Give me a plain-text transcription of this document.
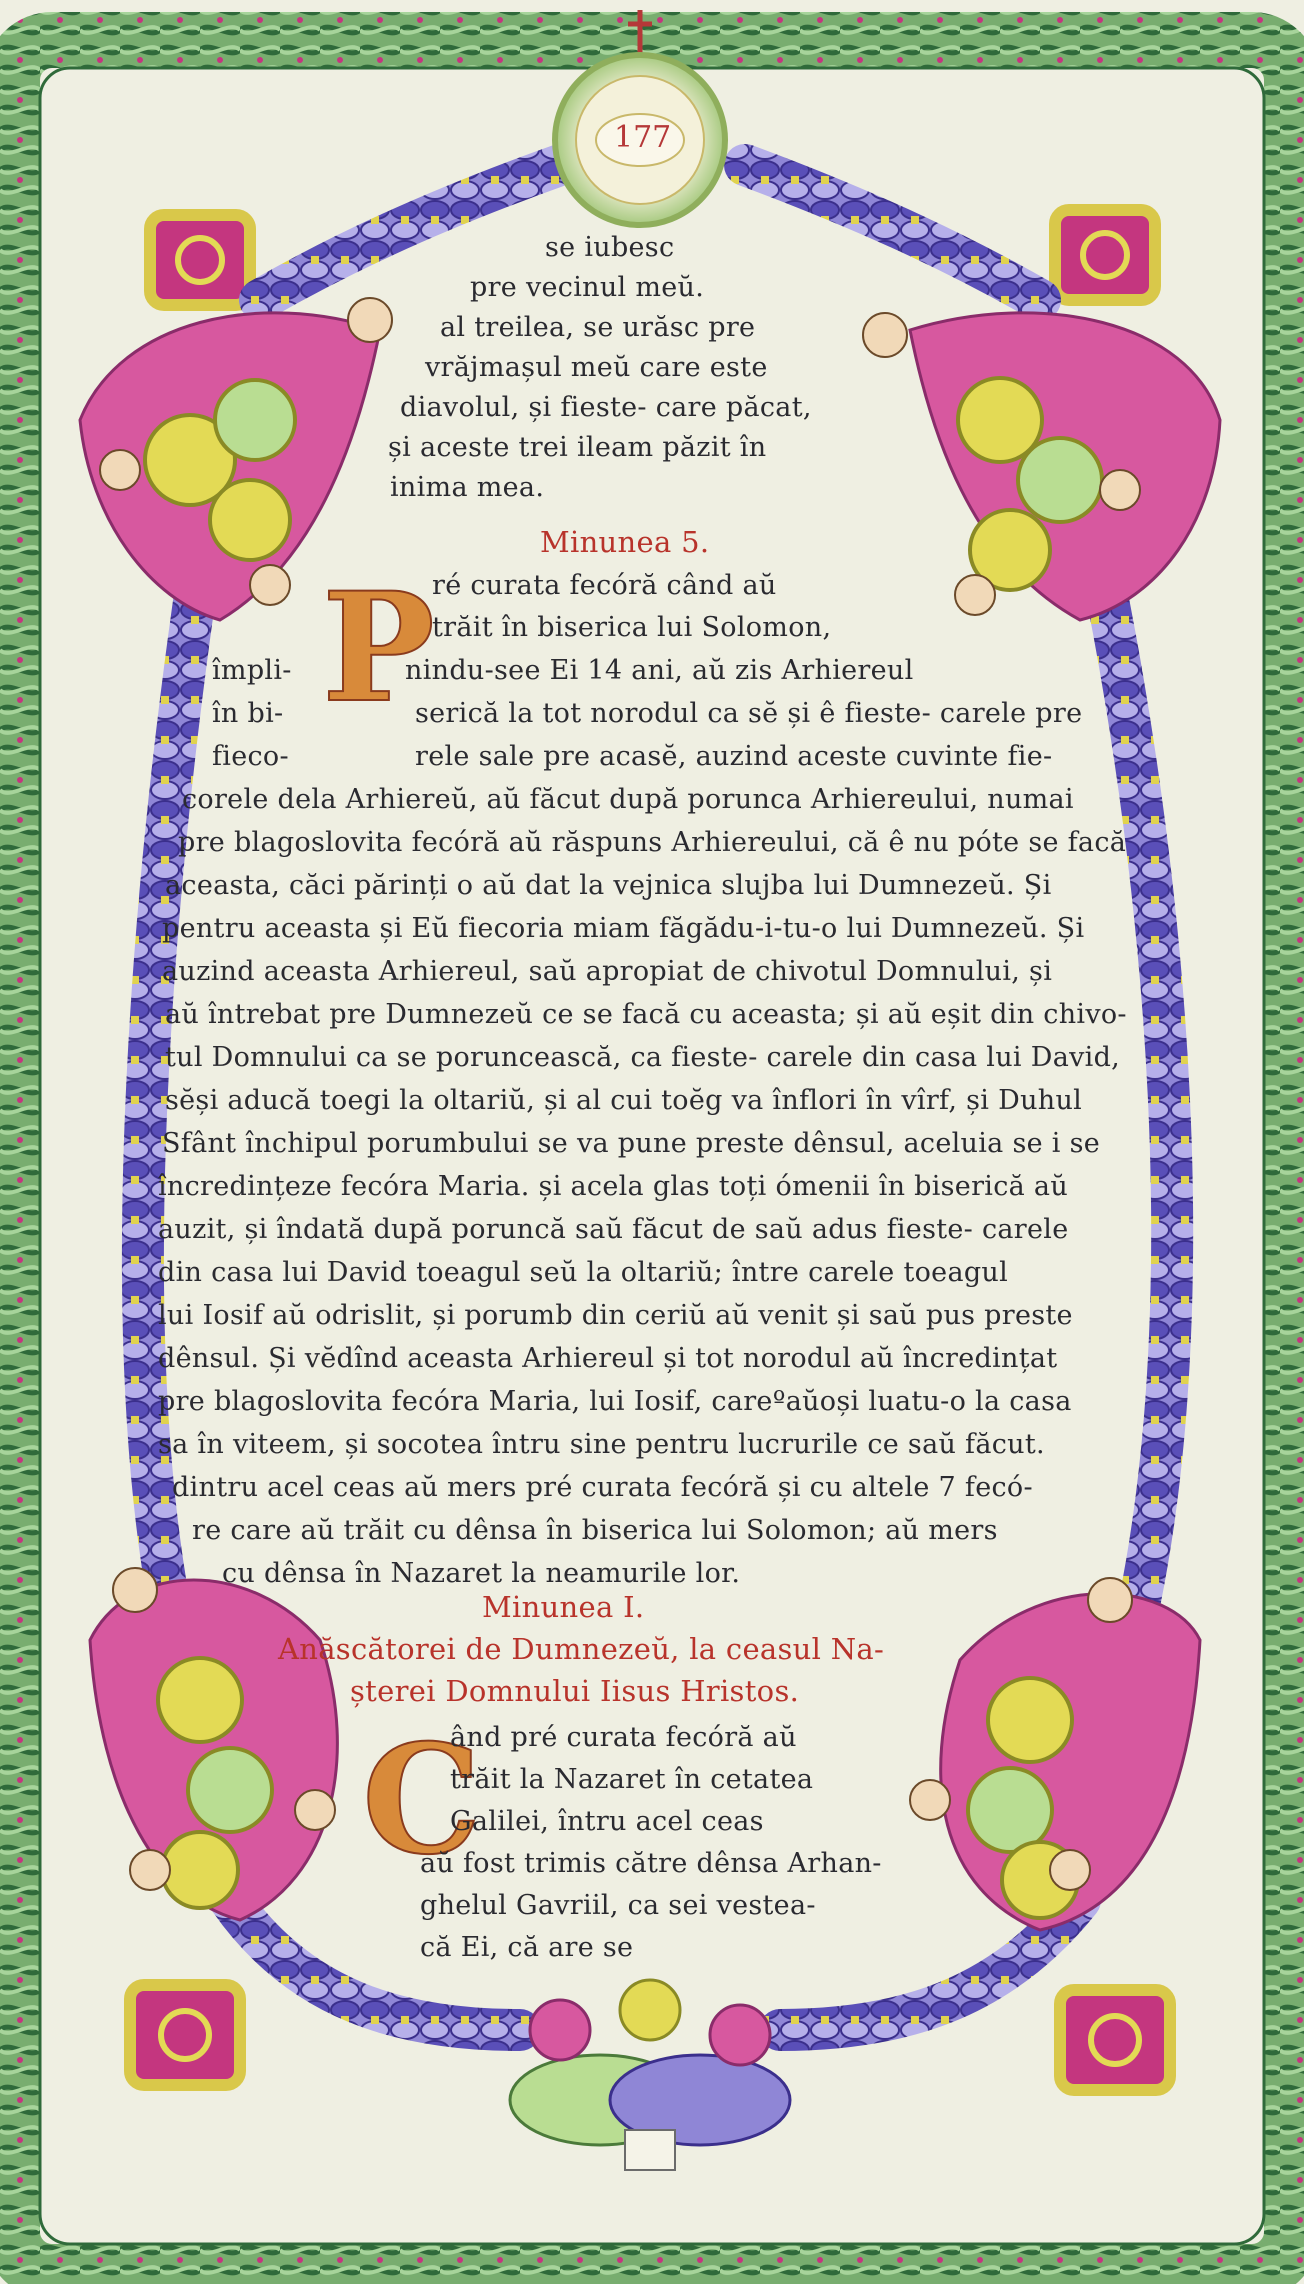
177
se iubesc
pre vecinul meŭ.
al treilea, se urăsc pre
vrăjmașul meŭ care este
diavolul, și fieste- care păcat,
și aceste trei ileam păzit în
inima mea.
Minunea 5.
P
ré curata fecóră când aŭ
trăit în biserica lui Solomon,
împli-	nindu-see Ei 14 ani, aŭ zis Arhiereul
în bi-	serică la tot norodul ca sĕ și ê fieste- carele pre
fieco-	rele sale pre acasĕ, auzind aceste cuvinte fie-
corele dela Arhiereŭ, aŭ făcut după porunca Arhiereului, numai
pre blagoslovita fecóră aŭ răspuns Arhiereului, că ê nu póte se facă
aceasta, căci părinți o aŭ dat la vejnica slujba lui Dumnezeŭ. Și
pentru aceasta și Eŭ fiecoria miam făgădu-i-tu-o lui Dumnezeŭ. Și
auzind aceasta Arhiereul, saŭ apropiat de chivotul Domnului, și
aŭ întrebat pre Dumnezeŭ ce se facă cu aceasta; și aŭ eșit din chivo-
tul Domnului ca se poruncească, ca fieste- carele din casa lui David,
sĕși aducă toegi la oltariŭ, și al cui toĕg va înflori în vîrf, și Duhul
Sfânt închipul porumbului se va pune preste dênsul, aceluia se i se
încredințeze fecóra Maria. și acela glas toți ómenii în biserică aŭ
auzit, și îndată după poruncă saŭ făcut de saŭ adus fieste- carele
din casa lui David toeagul seŭ la oltariŭ; între carele toeagul
lui Iosif aŭ odrislit, și porumb din ceriŭ aŭ venit și saŭ pus preste
dênsul. Și vĕdînd aceasta Arhiereul și tot norodul aŭ încredințat
pre blagoslovita fecóra Maria, lui Iosif, careºaŭoși luatu-o la casa
sa în viteem, și socotea întru sine pentru lucrurile ce saŭ făcut.
dintru acel ceas aŭ mers pré curata fecóră și cu altele 7 fecó-
re care aŭ trăit cu dênsa în biserica lui Solomon; aŭ mers
cu dênsa în Nazaret la neamurile lor.
Minunea I.
Anăscătorei de Dumnezeŭ, la ceasul Na-
șterei Domnului Iisus Hristos.
C
ând pré curata fecóră aŭ
trăit la Nazaret în cetatea
Galilei, întru acel ceas
aŭ fost trimis către dênsa Arhan-
ghelul Gavriil, ca sei vestea-
că Ei, că are se
